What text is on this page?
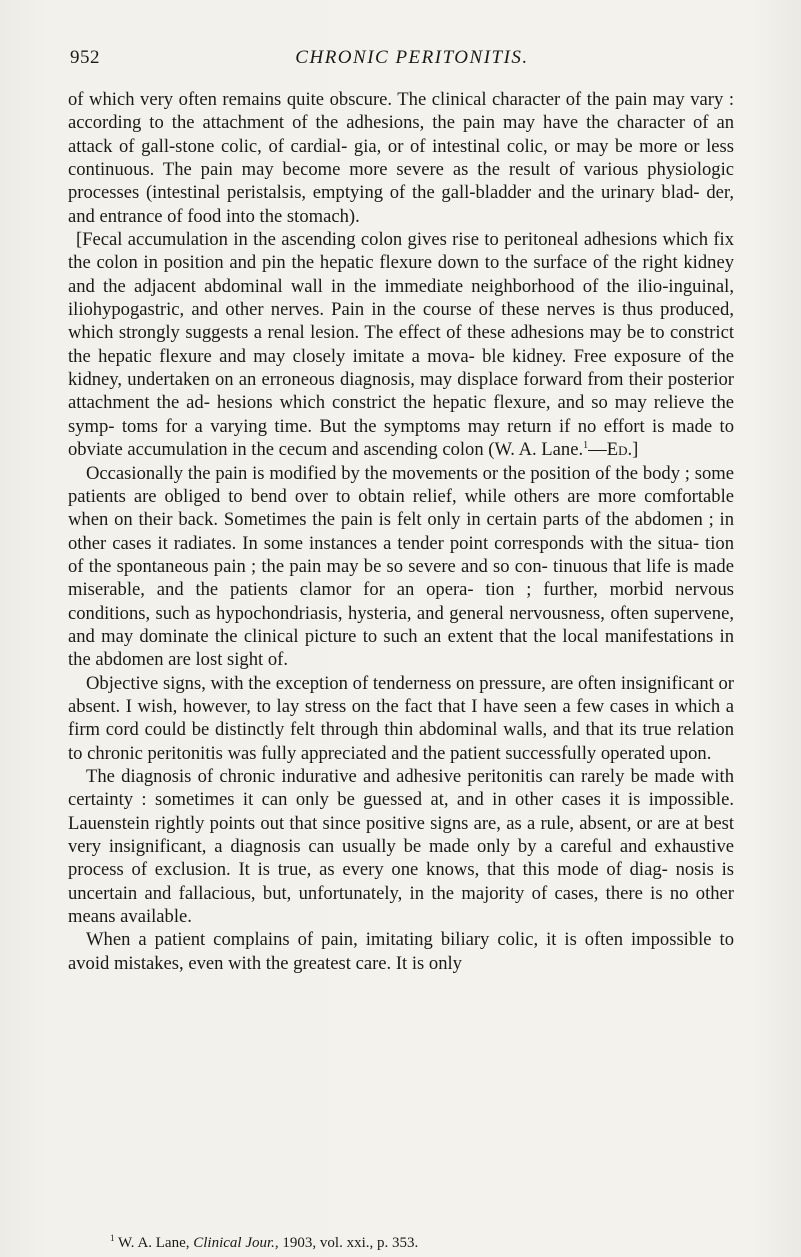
952	CHRONIC PERITONITIS.

of which very often remains quite obscure. The clinical character of the pain may vary : according to the attachment of the adhesions, the pain may have the character of an attack of gall-stone colic, of cardial- gia, or of intestinal colic, or may be more or less continuous. The pain may become more severe as the result of various physiologic processes (intestinal peristalsis, emptying of the gall-bladder and the urinary blad- der, and entrance of food into the stomach).

[Fecal accumulation in the ascending colon gives rise to peritoneal adhesions which fix the colon in position and pin the hepatic flexure down to the surface of the right kidney and the adjacent abdominal wall in the immediate neighborhood of the ilio-inguinal, iliohypogastric, and other nerves. Pain in the course of these nerves is thus produced, which strongly suggests a renal lesion. The effect of these adhesions may be to constrict the hepatic flexure and may closely imitate a mova- ble kidney. Free exposure of the kidney, undertaken on an erroneous diagnosis, may displace forward from their posterior attachment the ad- hesions which constrict the hepatic flexure, and so may relieve the symp- toms for a varying time. But the symptoms may return if no effort is made to obviate accumulation in the cecum and ascending colon (W. A. Lane.$^1$—Ed.]

Occasionally the pain is modified by the movements or the position of the body ; some patients are obliged to bend over to obtain relief, while others are more comfortable when on their back. Sometimes the pain is felt only in certain parts of the abdomen ; in other cases it radiates. In some instances a tender point corresponds with the situa- tion of the spontaneous pain ; the pain may be so severe and so con- tinuous that life is made miserable, and the patients clamor for an opera- tion ; further, morbid nervous conditions, such as hypochondriasis, hysteria, and general nervousness, often supervene, and may dominate the clinical picture to such an extent that the local manifestations in the abdomen are lost sight of.

Objective signs, with the exception of tenderness on pressure, are often insignificant or absent. I wish, however, to lay stress on the fact that I have seen a few cases in which a firm cord could be distinctly felt through thin abdominal walls, and that its true relation to chronic peritonitis was fully appreciated and the patient successfully operated upon.

The diagnosis of chronic indurative and adhesive peritonitis can rarely be made with certainty : sometimes it can only be guessed at, and in other cases it is impossible. Lauenstein rightly points out that since positive signs are, as a rule, absent, or are at best very insignificant, a diagnosis can usually be made only by a careful and exhaustive process of exclusion. It is true, as every one knows, that this mode of diag- nosis is uncertain and fallacious, but, unfortunately, in the majority of cases, there is no other means available.

When a patient complains of pain, imitating biliary colic, it is often impossible to avoid mistakes, even with the greatest care. It is only

$^1$ W. A. Lane, Clinical Jour., 1903, vol. xxi., p. 353.
